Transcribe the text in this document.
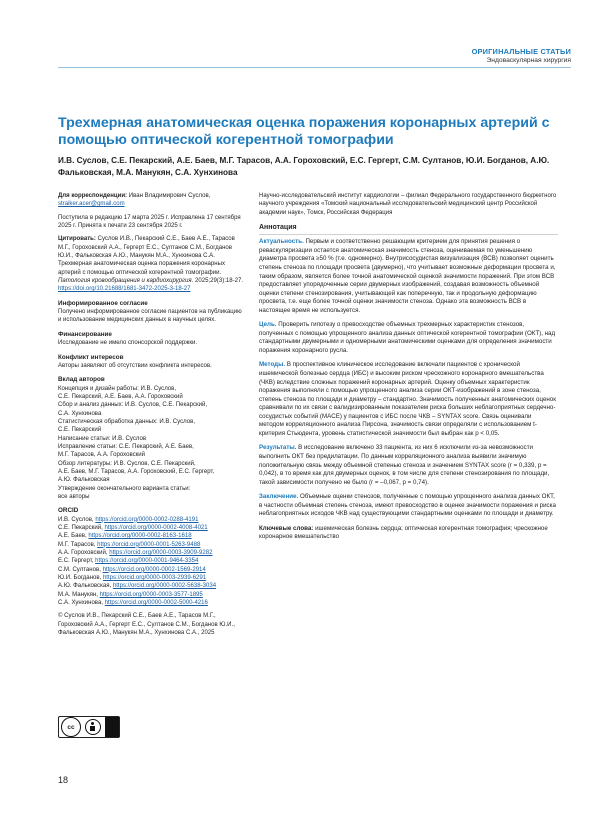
ОРИГИНАЛЬНЫЕ СТАТЬИ
Эндоваскулярная хирургия
Трехмерная анатомическая оценка поражения коронарных артерий с помощью оптической когерентной томографии
И.В. Суслов, С.Е. Пекарский, А.Е. Баев, М.Г. Тарасов, А.А. Гороховский, Е.С. Гергерт, С.М. Султанов, Ю.И. Богданов, А.Ю. Фальковская, М.А. Манукян, С.А. Хунхинова

Для корреспонденции: Иван Владимирович Суслов,
straiker.acer@gmail.com

Поступила в редакцию 17 марта 2025 г. Исправлена 17 сентября 2025 г. Принята к печати 23 сентября 2025 г.

Цитировать: Суслов И.В., Пекарский С.Е., Баев А.Е., Тарасов М.Г., Гороховский А.А., Гергерт Е.С., Султанов С.М., Богданов Ю.И., Фальковская А.Ю., Манукян М.А., Хунхинова С.А. Трехмерная анатомическая оценка поражения коронарных артерий с помощью оптической когерентной томографии. Патология кровообращения и кардиохирургия. 2025;29(3):18-27. https://doi.org/10.21688/1681-3472-2025-3-18-27

Информированное согласие

Получено информированное согласие пациентов на публикацию и использование медицинских данных в научных целях.

Финансирование

Исследование не имело спонсорской поддержки.

Конфликт интересов

Авторы заявляют об отсутствии конфликта интересов.

Вклад авторов

Концепция и дизайн работы: И.В. Суслов,

С.Е. Пекарский, А.Е. Баев, А.А. Гороховский

Сбор и анализ данных: И.В. Суслов, С.Е. Пекарский,

С.А. Хунхинова

Статистическая обработка данных: И.В. Суслов,

С.Е. Пекарский

Написание статьи: И.В. Суслов

Исправление статьи: С.Е. Пекарский, А.Е. Баев,

М.Г. Тарасов, А.А. Гороховский

Обзор литературы: И.В. Суслов, С.Е. Пекарский,

А.Е. Баев, М.Г. Тарасов, А.А. Гороховский, Е.С. Гергерт,

А.Ю. Фальковская

Утверждение окончательного варианта статьи:

все авторы

ORCID

И.В. Суслов, https://orcid.org/0000-0002-0288-4191

С.Е. Пекарский, https://orcid.org/0000-0002-4008-4021

А.Е. Баев, https://orcid.org/0000-0002-8163-1618

М.Г. Тарасов, https://orcid.org/0000-0001-5263-9488

А.А. Гороховский, https://orcid.org/0000-0003-3909-9282

Е.С. Гергерт, https://orcid.org/0000-0001-9464-3354

С.М. Султанов, https://orcid.org/0000-0002-1569-2914

Ю.И. Богданов, https://orcid.org/0000-0003-2939-6291

А.Ю. Фальковская, https://orcid.org/0000-0002-5638-3034

М.А. Манукян, https://orcid.org/0000-0003-3577-1895

С.А. Хунхинова, https://orcid.org/0000-0002-5000-4216

© Суслов И.В., Пекарский С.Е., Баев А.Е., Тарасов М.Г., Гороховский А.А., Гергерт Е.С., Султанов С.М., Богданов Ю.И., Фальковская А.Ю., Манукян М.А., Хунхинова С.А., 2025

cc

Научно-исследовательский институт кардиологии – филиал Федерального государственного бюджетного научного учреждения «Томский национальный исследовательский медицинский центр Российской академии наук», Томск, Российская Федерация

Аннотация

Актуальность. Первым и соответственно решающим критерием для принятия решения о реваскуляризации остается анатомическая значимость стеноза, оцениваемая по уменьшению диаметра просвета ≥50 % (т.е. одномерно). Внутрисосудистая визуализация (ВСВ) позволяет оценить степень стеноза по площади просвета (двумерно), что учитывает возможные деформации просвета и, таким образом, является более точной анатомической оценкой значимости поражений. При этом ВСВ предоставляет упорядоченные серии двумерных изображений, создавая возможность объемной оценки степени стенозирования, учитывающей как поперечную, так и продольную деформацию просвета, т.е. еще более точной оценки значимости стеноза. Однако эта возможность ВСВ в настоящее время не используется.

Цель. Проверить гипотезу о превосходстве объемных трехмерных характеристик стенозов, полученных с помощью упрощенного анализа данных оптической когерентной томографии (ОКТ), над стандартными двумерными и одномерными анатомическими оценками для определения значимости поражения коронарного русла.

Методы. В проспективное клиническое исследование включали пациентов с хронической ишемической болезнью сердца (ИБС) и высоким риском чрескожного коронарного вмешательства (ЧКВ) вследствие сложных поражений коронарных артерий. Оценку объемных характеристик поражения выполняли с помощью упрощенного анализа серии ОКТ-изображений в зоне стеноза, степень стеноза по площади и диаметру – стандартно. Значимость полученных анатомических оценок сравнивали по их связи с валидизированным показателем риска больших неблагоприятных сердечно-сосудистых событий (MACE) у пациентов с ИБС после ЧКВ – SYNTAX score. Связь оценивали методом корреляционного анализа Пирсона, значимость связи определяли с использованием t-критерия Стьюдента, уровень статистической значимости был выбран как p < 0,05.

Результаты. В исследование включено 33 пациента, из них 6 исключили из-за невозможности выполнить ОКТ без предилатации. По данным корреляционного анализа выявили значимую положительную связь между объемной степенью стеноза и значением SYNTAX score (r = 0,339, p = 0,042), в то время как для двумерных оценок, в том числе для степени стенозирования по площади, такой зависимости получено не было (r = –0,067, p = 0,74).

Заключение. Объемные оценки стенозов, полученные с помощью упрощенного анализа данных ОКТ, в частности объемная степень стеноза, имеют превосходство в оценке значимости поражения и риска неблагоприятных исходов ЧКВ над существующими стандартными оценками по площади и диаметру.

Ключевые слова: ишемическая болезнь сердца; оптическая когерентная томография; чрескожное коронарное вмешательство

18
